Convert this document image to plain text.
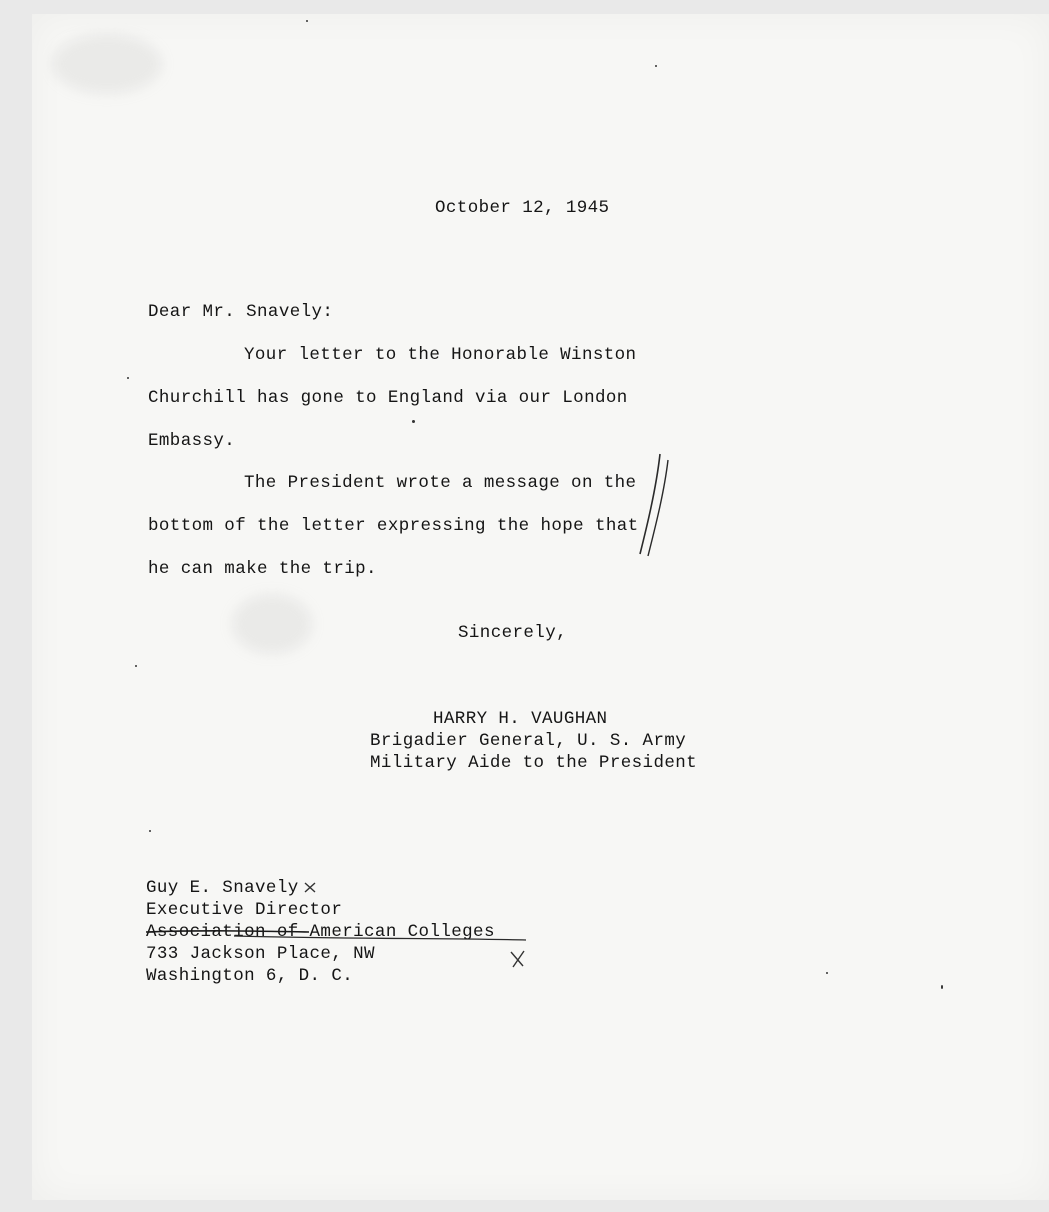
October 12, 1945
Dear Mr. Snavely:
Your letter to the Honorable Winston
Churchill has gone to England via our London
Embassy.
The President wrote a message on the
bottom of the letter expressing the hope that
he can make the trip.
Sincerely,
HARRY H. VAUGHAN
Brigadier General, U. S. Army
Military Aide to the President
Guy E. Snavely
Executive Director
Association of American Colleges
733 Jackson Place, NW
Washington 6, D. C.
